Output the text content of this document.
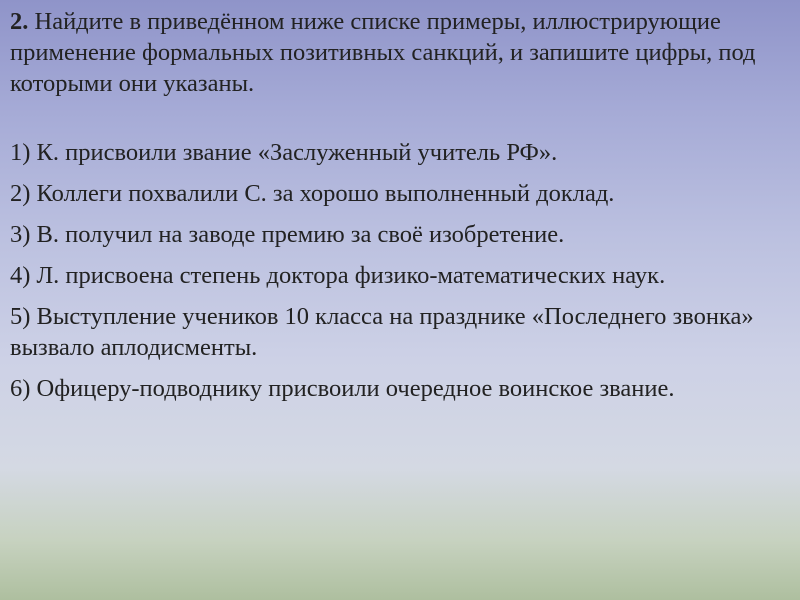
2. Найдите в приведённом ниже списке примеры, иллюстрирующие применение формальных позитивных санкций, и запишите цифры, под которыми они указаны.

1) К. присвоили звание «Заслуженный учитель РФ».
2) Коллеги похвалили С. за хорошо выполненный доклад.
3) В. получил на заводе премию за своё изобретение.
4) Л. присвоена степень доктора физико-математических наук.
5) Выступление учеников 10 класса на празднике «Последнего звонка» вызвало аплодисменты.
6) Офицеру-подводнику присвоили очередное воинское звание.
